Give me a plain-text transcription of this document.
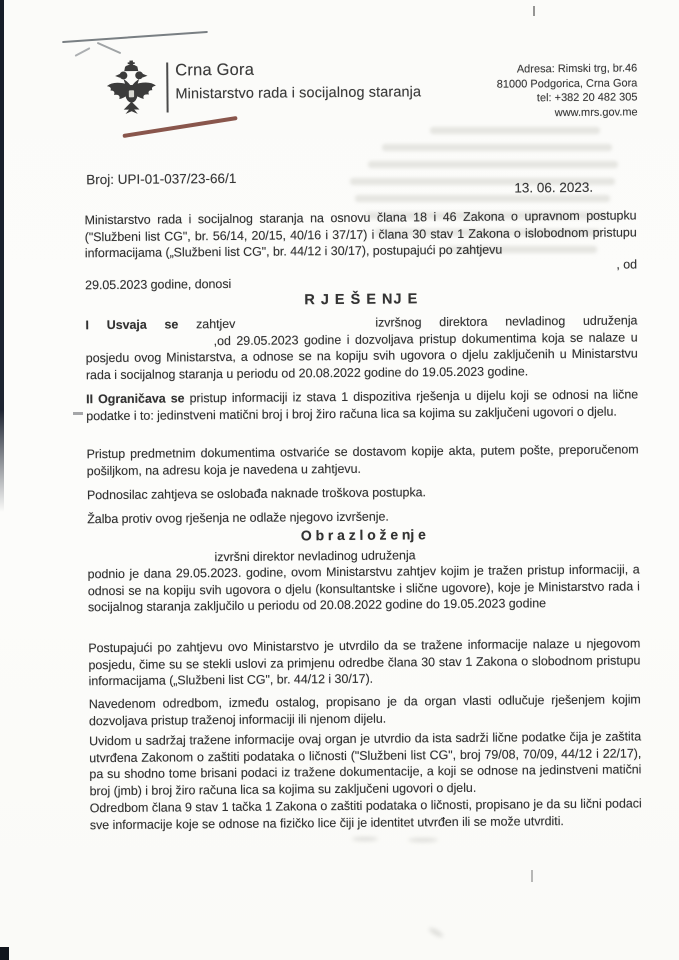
Crna Gora
Ministarstvo rada i socijalnog staranja
Adresa: Rimski trg, br.46
81000 Podgorica, Crna Gora
tel: +382 20 482 305
www.mrs.gov.me
Broj: UPI-01-037/23-66/1
13. 06. 2023.
Ministarstvo rada i socijalnog staranja na osnovu člana 18 i 46 Zakona o upravnom postupku ("Službeni list CG", br. 56/14, 20/15, 40/16 i 37/17) i člana 30 stav 1 Zakona o islobodnom pristupu informacijama („Službeni list CG", br. 44/12 i 30/17), postupajući po zahtjevu
, od
29.05.2023 godine, donosi
R J E Š E NJ E
I Usvaja se zahtjev	izvršnog direktora nevladinog udruženja ,od 29.05.2023 godine i dozvoljava pristup dokumentima koja se nalaze u posjedu ovog Ministarstva, a odnose se na kopiju svih ugovora o djelu zaključenih u Ministarstvu rada i socijalnog staranja u periodu od 20.08.2022 godine do 19.05.2023 godine.
II Ograničava se pristup informaciji iz stava 1 dispozitiva rješenja u dijelu koji se odnosi na lične podatke i to: jedinstveni matični broj i broj žiro računa lica sa kojima su zaključeni ugovori o djelu.
Pristup predmetnim dokumentima ostvariće se dostavom kopije akta, putem pošte, preporučenom pošiljkom, na adresu koja je navedena u zahtjevu.
Podnosilac zahtjeva se oslobađa naknade troškova postupka.
Žalba protiv ovog rješenja ne odlaže njegovo izvršenje.
O b r a z l o ž e nj e
izvršni direktor nevladinog udruženja
podnio je dana 29.05.2023. godine, ovom Ministarstvu zahtjev kojim je tražen pristup informaciji, a odnosi se na kopiju svih ugovora o djelu (konsultantske i slične ugovore), koje je Ministarstvo rada i socijalnog staranja zaključilo u periodu od 20.08.2022 godine do 19.05.2023 godine
Postupajući po zahtjevu ovo Ministarstvo je utvrdilo da se tražene informacije nalaze u njegovom posjedu, čime su se stekli uslovi za primjenu odredbe člana 30 stav 1 Zakona o slobodnom pristupu informacijama („Službeni list CG", br. 44/12 i 30/17).
Navedenom odredbom, između ostalog, propisano je da organ vlasti odlučuje rješenjem kojim dozvoljava pristup traženoj informaciji ili njenom dijelu.
Uvidom u sadržaj tražene informacije ovaj organ je utvrdio da ista sadrži lične podatke čija je zaštita utvrđena Zakonom o zaštiti podataka o ličnosti ("Službeni list CG", broj 79/08, 70/09, 44/12 i 22/17), pa su shodno tome brisani podaci iz tražene dokumentacije, a koji se odnose na jedinstveni matični broj (jmb) i broj žiro računa lica sa kojima su zaključeni ugovori o djelu.
Odredbom člana 9 stav 1 tačka 1 Zakona o zaštiti podataka o ličnosti, propisano je da su lični podaci sve informacije koje se odnose na fizičko lice čiji je identitet utvrđen ili se može utvrditi.
